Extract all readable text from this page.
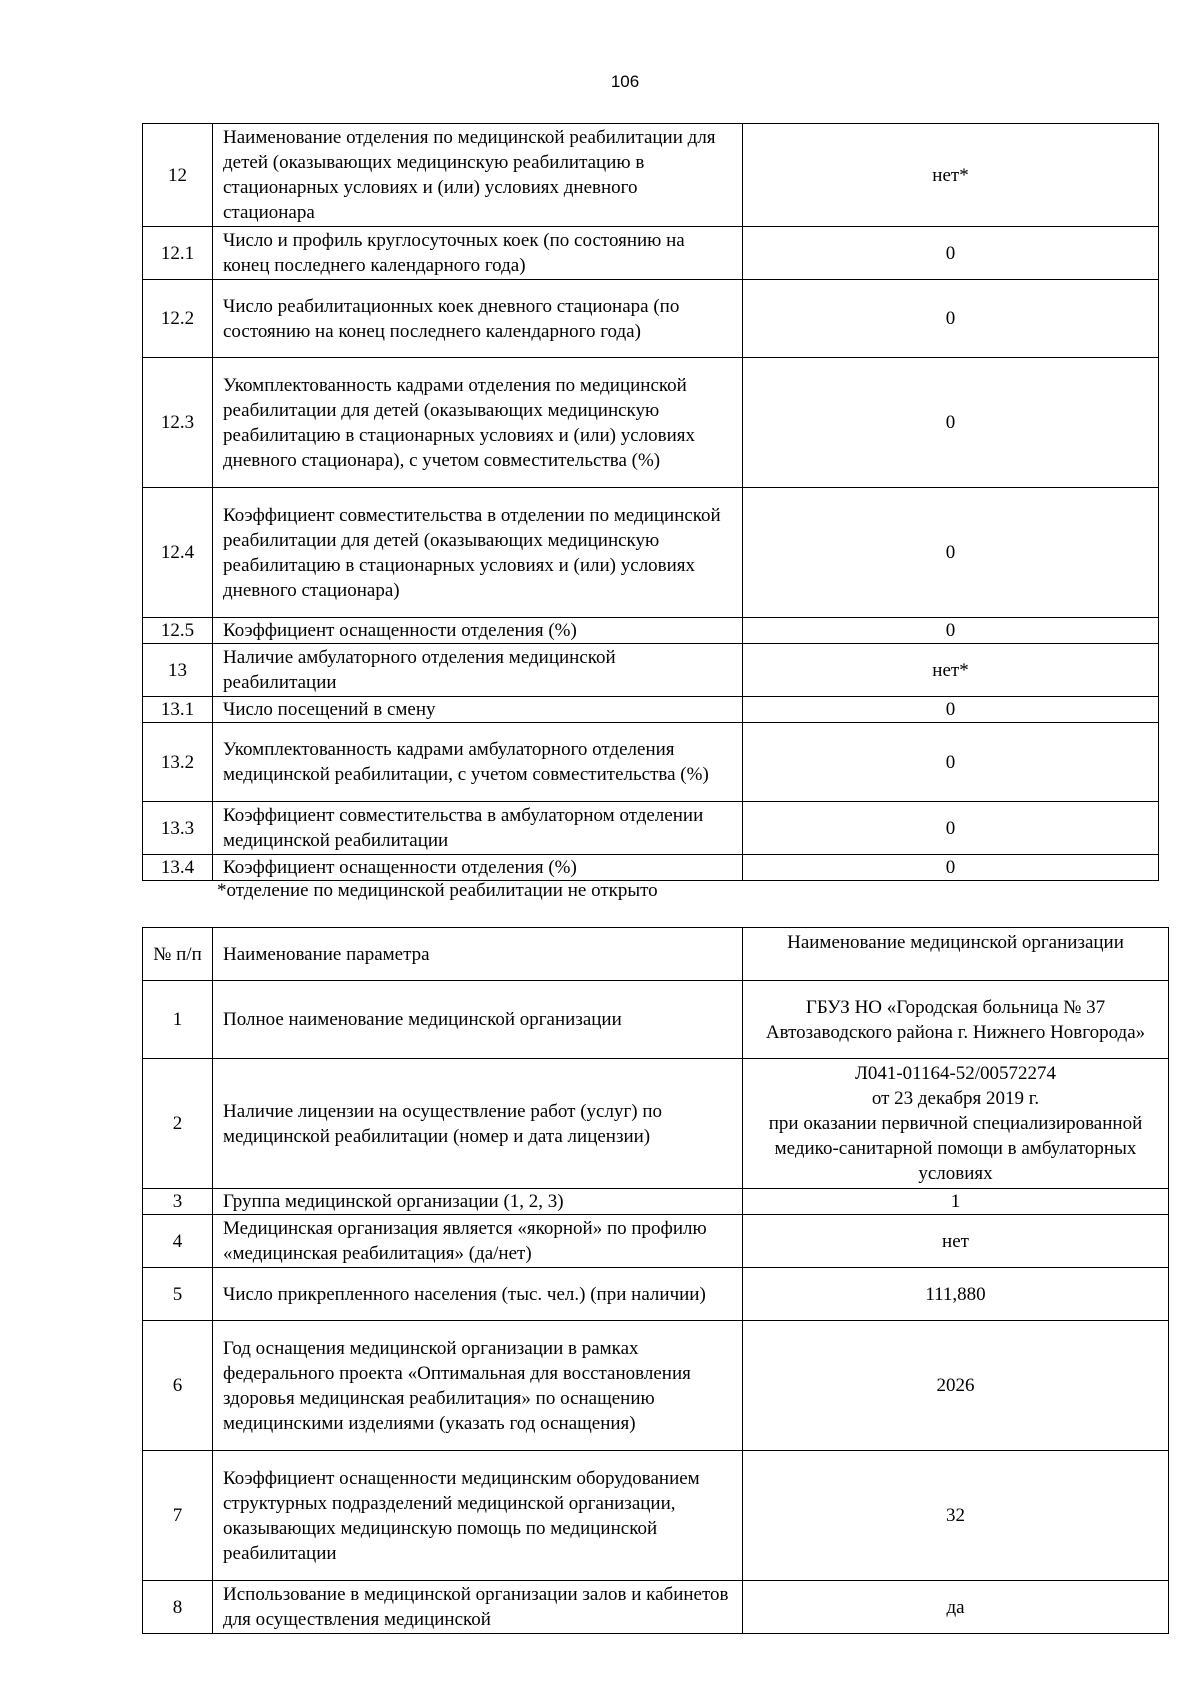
106
12	Наименование отделения по медицинской реабилитации для детей (оказывающих медицинскую реабилитацию в стационарных условиях и (или) условиях дневного стационара	нет*
12.1	Число и профиль круглосуточных коек (по состоянию на конец последнего календарного года)	0
12.2	Число реабилитационных коек дневного стационара (по состоянию на конец последнего календарного года)	0
12.3	Укомплектованность кадрами отделения по медицинской реабилитации для детей (оказывающих медицинскую реабилитацию в стационарных условиях и (или) условиях дневного стационара), с учетом совместительства (%)	0
12.4	Коэффициент совместительства в отделении по медицинской реабилитации для детей (оказывающих медицинскую реабилитацию в стационарных условиях и (или) условиях дневного стационара)	0
12.5	Коэффициент оснащенности отделения (%)	0
13	Наличие амбулаторного отделения медицинской реабилитации	нет*
13.1	Число посещений в смену	0
13.2	Укомплектованность кадрами амбулаторного отделения медицинской реабилитации, с учетом совместительства (%)	0
13.3	Коэффициент совместительства в амбулаторном отделении медицинской реабилитации	0
13.4	Коэффициент оснащенности отделения (%)	0
*отделение по медицинской реабилитации не открыто
№ п/п	Наименование параметра	Наименование медицинской организации
1	Полное наименование медицинской организации	ГБУЗ НО «Городская больница № 37 Автозаводского района г. Нижнего Новгорода»
2	Наличие лицензии на осуществление работ (услуг) по медицинской реабилитации (номер и дата лицензии)	Л041-01164-52/00572274
от 23 декабря 2019 г.
при оказании первичной специализированной медико-санитарной помощи в амбулаторных условиях

3	Группа медицинской организации (1, 2, 3)	1
4	Медицинская организация является «якорной» по профилю «медицинская реабилитация» (да/нет)	нет
5	Число прикрепленного населения (тыс. чел.) (при наличии)	111,880
6	Год оснащения медицинской организации в рамках федерального проекта «Оптимальная для восстановления здоровья медицинская реабилитация» по оснащению медицинскими изделиями (указать год оснащения)	2026
7	Коэффициент оснащенности медицинским оборудованием структурных подразделений медицинской организации, оказывающих медицинскую помощь по медицинской реабилитации	32
8	Использование в медицинской организации залов и кабинетов для осуществления медицинской	да
